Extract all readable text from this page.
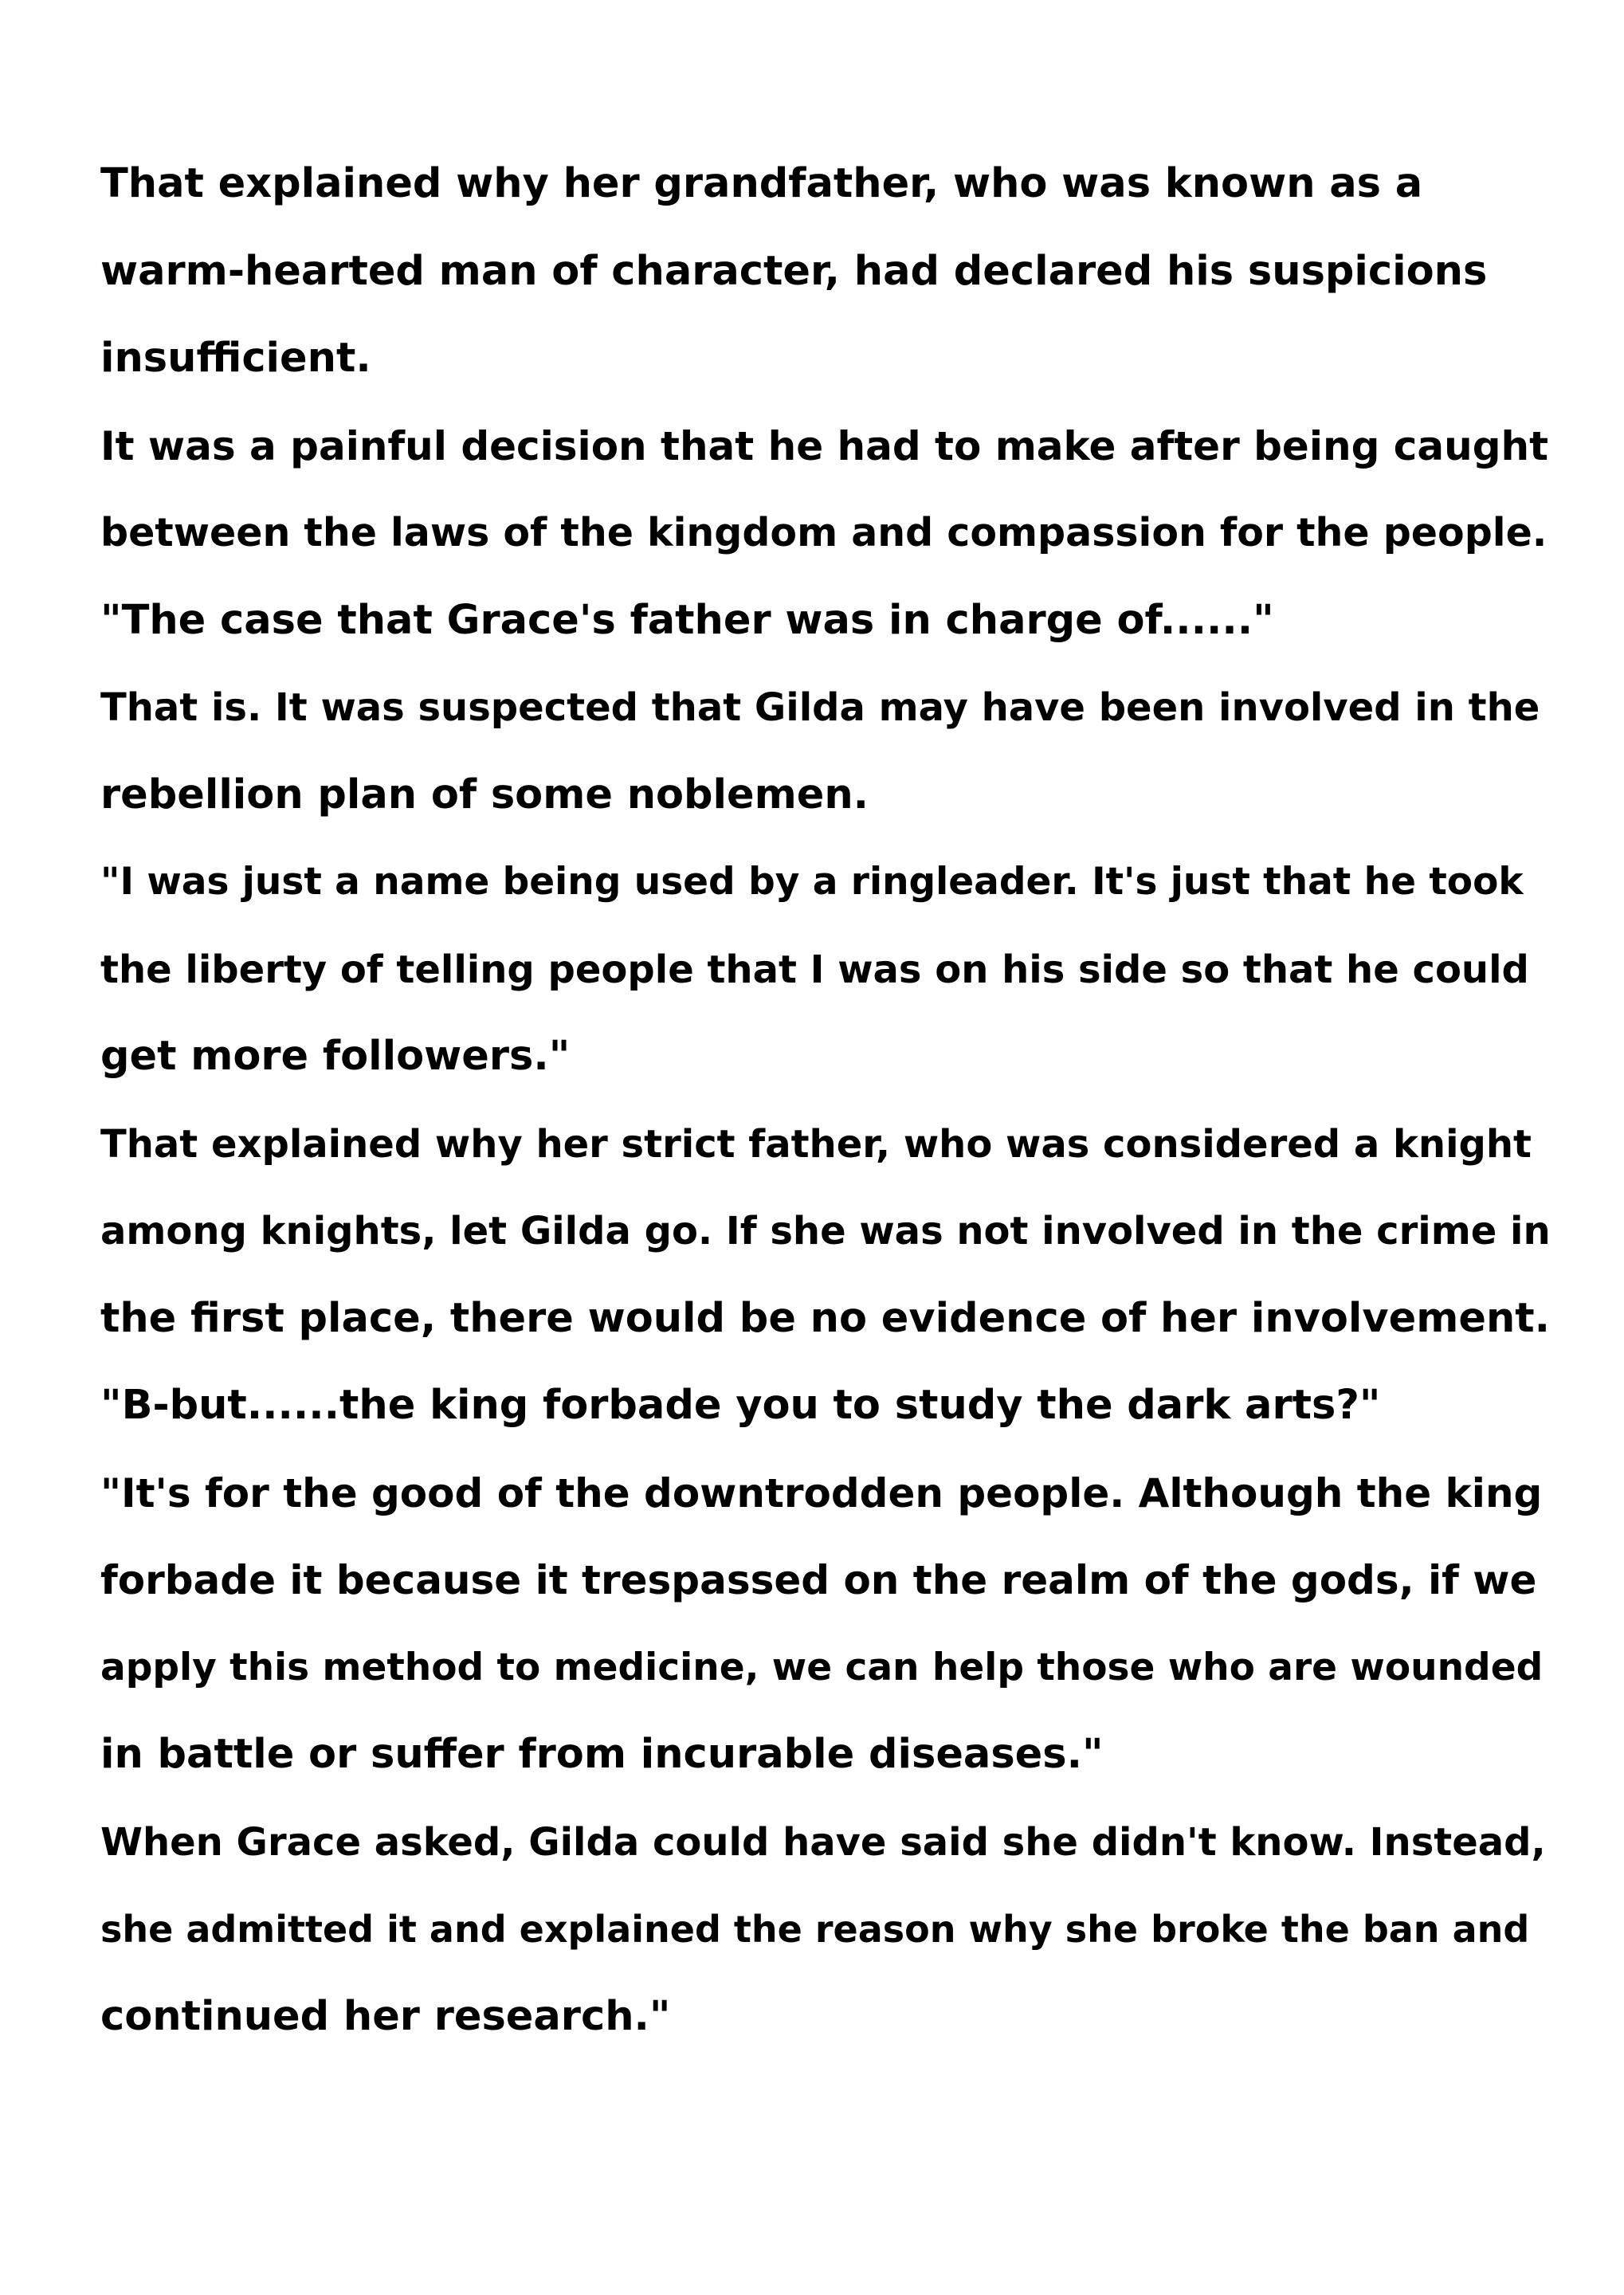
That explained why her grandfather, who was known as a
warm-hearted man of character, had declared his suspicions
insufficient.
It was a painful decision that he had to make after being caught
between the laws of the kingdom and compassion for the people.
"The case that Grace's father was in charge of......"
That is. It was suspected that Gilda may have been involved in the
rebellion plan of some noblemen.
"I was just a name being used by a ringleader. It's just that he took
the liberty of telling people that I was on his side so that he could
get more followers."
That explained why her strict father, who was considered a knight
among knights, let Gilda go. If she was not involved in the crime in
the first place, there would be no evidence of her involvement.
"B-but......the king forbade you to study the dark arts?"
"It's for the good of the downtrodden people. Although the king
forbade it because it trespassed on the realm of the gods, if we
apply this method to medicine, we can help those who are wounded
in battle or suffer from incurable diseases."
When Grace asked, Gilda could have said she didn't know. Instead,
she admitted it and explained the reason why she broke the ban and
continued her research."
